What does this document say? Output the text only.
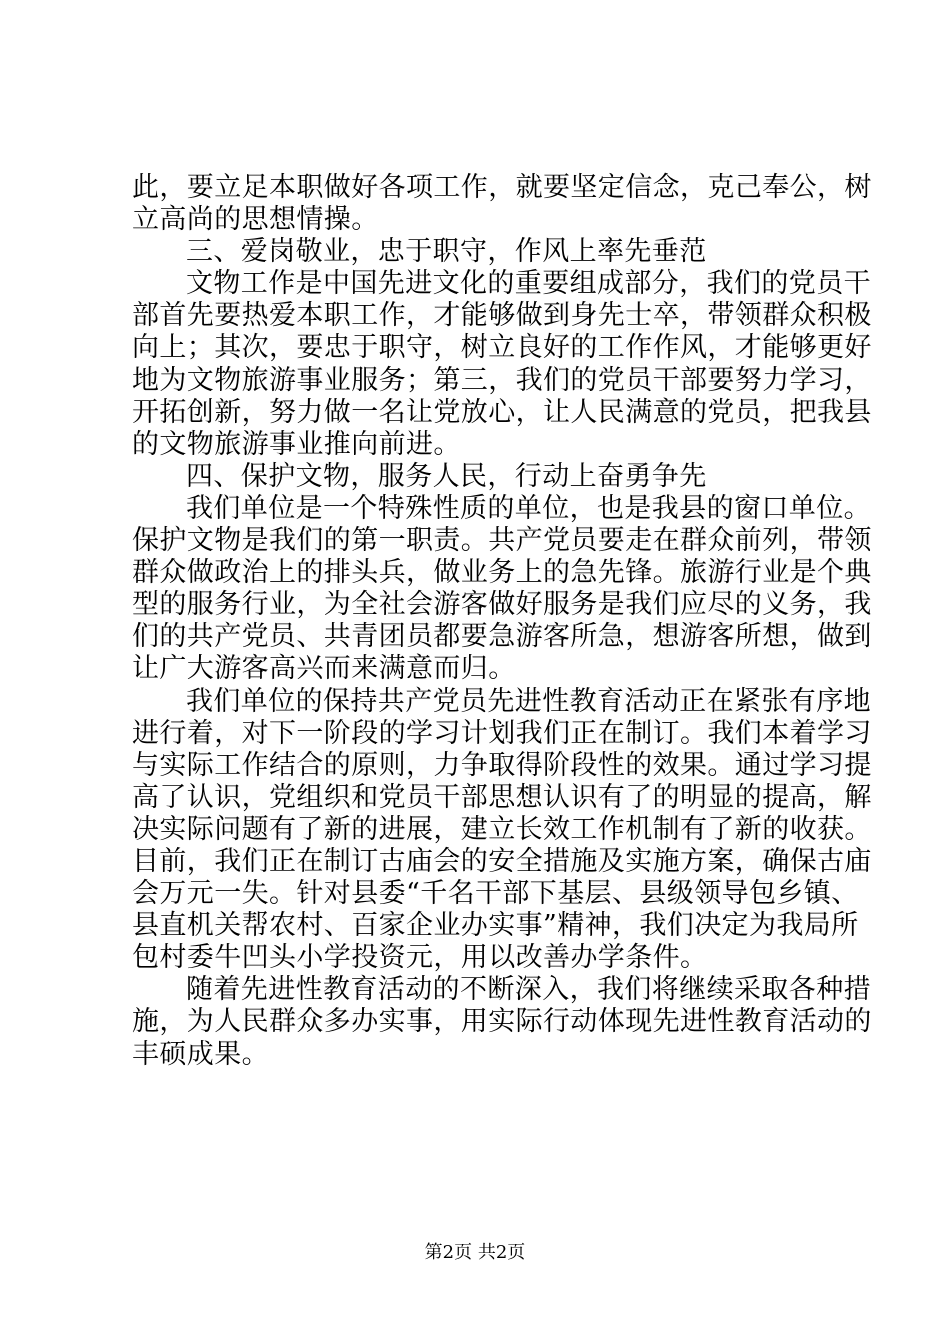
此，要立足本职做好各项工作，就要坚定信念，克己奉公，树
立高尚的思想情操。
三、爱岗敬业，忠于职守，作风上率先垂范
文物工作是中国先进文化的重要组成部分，我们的党员干
部首先要热爱本职工作，才能够做到身先士卒，带领群众积极
向上；其次，要忠于职守，树立良好的工作作风，才能够更好
地为文物旅游事业服务；第三，我们的党员干部要努力学习，
开拓创新，努力做一名让党放心，让人民满意的党员，把我县
的文物旅游事业推向前进。
四、保护文物，服务人民，行动上奋勇争先
我们单位是一个特殊性质的单位，也是我县的窗口单位。
保护文物是我们的第一职责。共产党员要走在群众前列，带领
群众做政治上的排头兵，做业务上的急先锋。旅游行业是个典
型的服务行业，为全社会游客做好服务是我们应尽的义务，我
们的共产党员、共青团员都要急游客所急，想游客所想，做到
让广大游客高兴而来满意而归。
我们单位的保持共产党员先进性教育活动正在紧张有序地
进行着，对下一阶段的学习计划我们正在制订。我们本着学习
与实际工作结合的原则，力争取得阶段性的效果。通过学习提
高了认识，党组织和党员干部思想认识有了的明显的提高，解
决实际问题有了新的进展，建立长效工作机制有了新的收获。
目前，我们正在制订古庙会的安全措施及实施方案，确保古庙
会万元一失。针对县委“千名干部下基层、县级领导包乡镇、
县直机关帮农村、百家企业办实事”精神，我们决定为我局所
包村委牛凹头小学投资元，用以改善办学条件。
随着先进性教育活动的不断深入，我们将继续采取各种措
施，为人民群众多办实事，用实际行动体现先进性教育活动的
丰硕成果。
第2页 共2页
